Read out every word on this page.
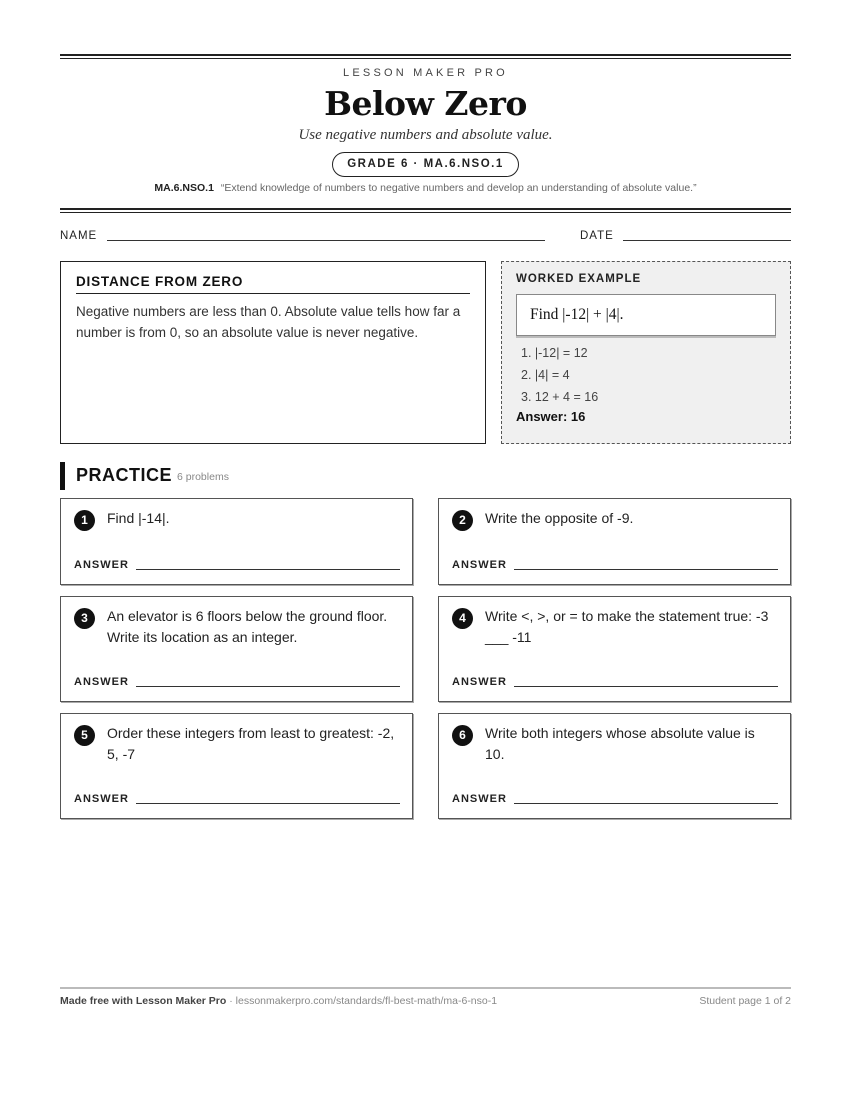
LESSON MAKER PRO
Below Zero
Use negative numbers and absolute value.
GRADE 6 · MA.6.NSO.1
MA.6.NSO.1 “Extend knowledge of numbers to negative numbers and develop an understanding of absolute value.”
NAME	DATE
DISTANCE FROM ZERO
Negative numbers are less than 0. Absolute value tells how far a number is from 0, so an absolute value is never negative.
WORKED EXAMPLE
Find |-12| + |4|.
1. |-12| = 12
2. |4| = 4
3. 12 + 4 = 16
Answer: 16
PRACTICE 6 problems
1	Find |-14|.
ANSWER
2	Write the opposite of -9.
ANSWER
3	An elevator is 6 floors below the ground floor. Write its location as an integer.
ANSWER
4	Write <, >, or = to make the statement true: -3 ___ -11
ANSWER
5	Order these integers from least to greatest: -2, 5, -7
ANSWER
6	Write both integers whose absolute value is 10.
ANSWER
Made free with Lesson Maker Pro · lessonmakerpro.com/standards/fl-best-math/ma-6-nso-1	Student page 1 of 2
